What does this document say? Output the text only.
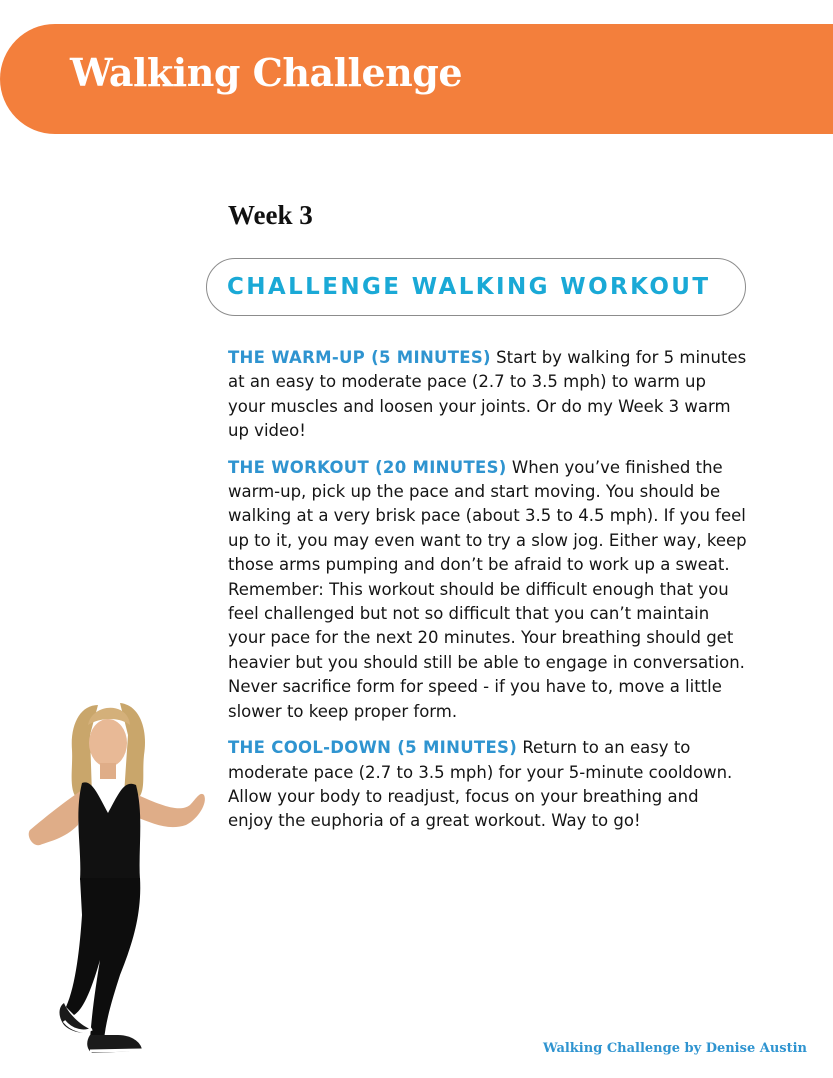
Walking Challenge
Week 3
CHALLENGE WALKING WORKOUT

THE WARM-UP (5 MINUTES) Start by walking for 5 minutes at an easy to moderate pace (2.7 to 3.5 mph) to warm up your muscles and loosen your joints. Or do my Week 3 warm up video!

THE WORKOUT (20 MINUTES) When you’ve finished the warm-up, pick up the pace and start moving. You should be walking at a very brisk pace (about 3.5 to 4.5 mph). If you feel up to it, you may even want to try a slow jog. Either way, keep those arms pumping and don’t be afraid to work up a sweat. Remember: This workout should be difficult enough that you feel challenged but not so difficult that you can’t maintain your pace for the next 20 minutes. Your breathing should get heavier but you should still be able to engage in conversation. Never sacrifice form for speed - if you have to, move a little slower to keep proper form.

THE COOL-DOWN (5 MINUTES) Return to an easy to moderate pace (2.7 to 3.5 mph) for your 5-minute cooldown. Allow your body to readjust, focus on your breathing and enjoy the euphoria of a great workout. Way to go!

Walking Challenge by Denise Austin
